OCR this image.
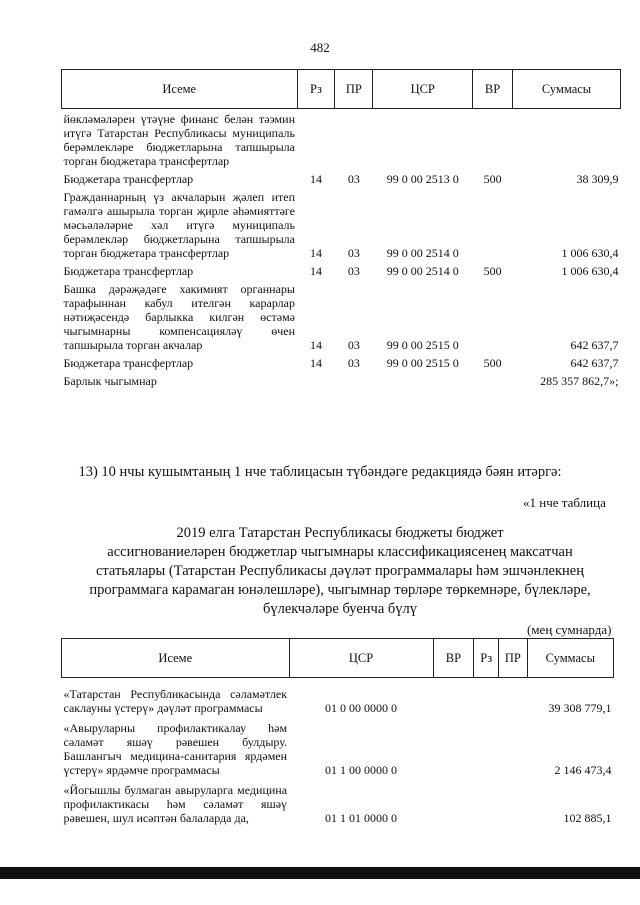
482
Исеме	Рз	ПР	ЦСР	ВР	Суммасы
йөкләмәләрен үтәүне финанс белән тәэмин итүгә Татарстан Республикасы муниципаль берәмлекләре бюджетларына тапшырыла торган бюджетара трансфертлар					
Бюджетара трансфертлар	14	03	99 0 00 2513 0	500	38 309,9
Гражданнарның үз акчаларын җәлеп итеп гамәлгә ашырыла торган җирле әһәмияттәге мәсьәләләрне хәл итүгә муниципаль берәмлекләр бюджетларына тапшырыла торган бюджетара трансфертлар	14	03	99 0 00 2514 0		1 006 630,4
Бюджетара трансфертлар	14	03	99 0 00 2514 0	500	1 006 630,4
Башка дәрәҗәдәге хакимият органнары тарафыннан кабул ителгән карарлар нәтиҗәсендә барлыкка килгән өстәмә чыгымнарны компенсацияләү өчен тапшырыла торган акчалар	14	03	99 0 00 2515 0		642 637,7
Бюджетара трансфертлар	14	03	99 0 00 2515 0	500	642 637,7
Барлык чыгымнар					285 357 862,7»;
13) 10 нчы кушымтаның 1 нче таблицасын түбәндәге редакциядә бәян итәргә:
«1 нче таблица
2019 елга Татарстан Республикасы бюджеты бюджет
ассигнованиеләрен бюджетлар чыгымнары классификациясенең максатчан
статьялары (Татарстан Республикасы дәүләт программалары һәм эшчәнлекнең
программага карамаган юнәлешләре), чыгымнар төрләре төркемнәре, бүлекләре,
бүлекчәләре буенча бүлү
(мең сумнарда)
Исеме	ЦСР	ВР	Рз	ПР	Суммасы
«Татарстан Республикасында сәламәтлек саклауны үстерү» дәүләт программасы	01 0 00 0000 0				39 308 779,1
«Авыруларны профилактикалау һәм сәламәт яшәү рәвешен булдыру. Башлангыч медицина-санитария ярдәмен үстерү» ярдәмче программасы	01 1 00 0000 0				2 146 473,4
«Йогышлы булмаган авыруларга медицина профилактикасы һәм сәламәт яшәү рәвешен, шул исәптән балаларда да,	01 1 01 0000 0				102 885,1
